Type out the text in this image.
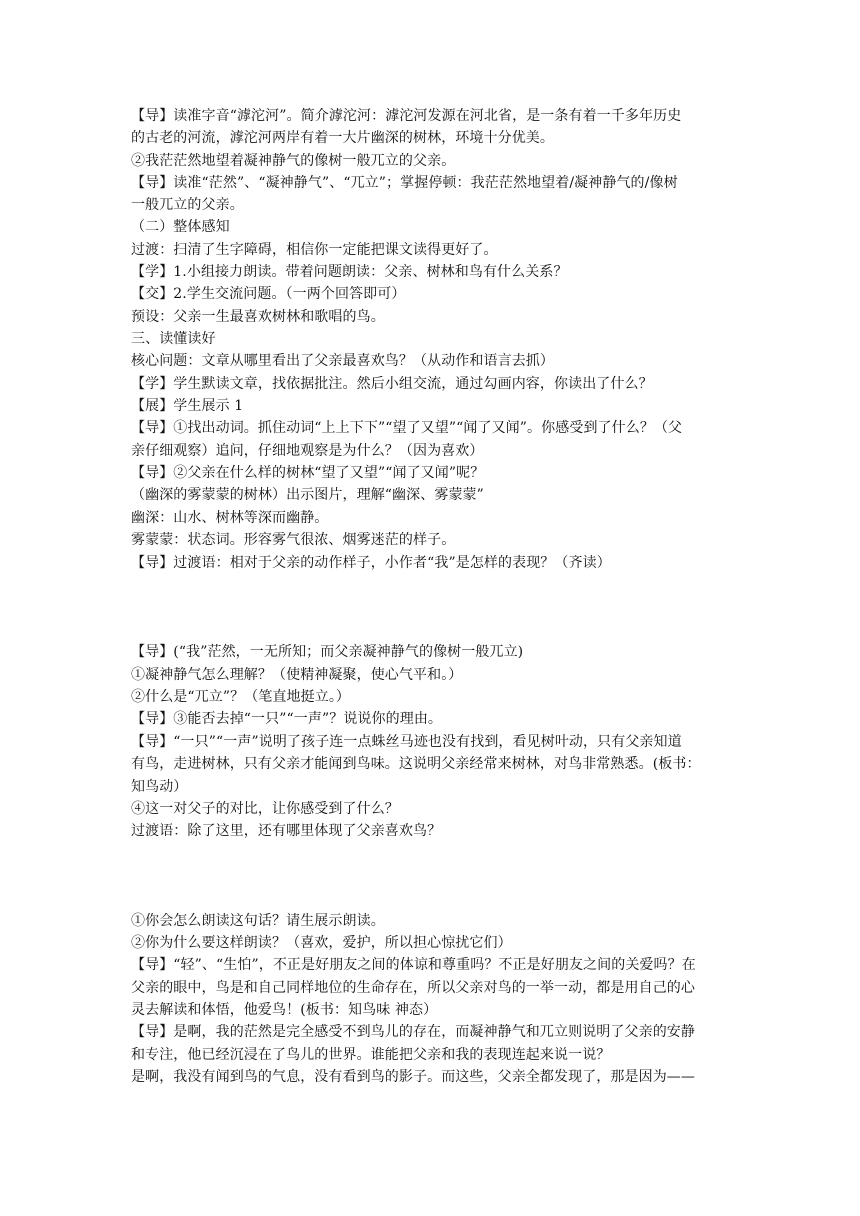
【导】读准字音“滹沱河”。简介滹沱河：滹沱河发源在河北省，是一条有着一千多年历史
的古老的河流，滹沱河两岸有着一大片幽深的树林，环境十分优美。
②我茫茫然地望着凝神静气的像树一般兀立的父亲。
【导】读准“茫然”、“凝神静气”、“兀立”；掌握停顿：我茫茫然地望着/凝神静气的/像树
一般兀立的父亲。
（二）整体感知
过渡：扫清了生字障碍，相信你一定能把课文读得更好了。
【学】1.小组接力朗读。带着问题朗读：父亲、树林和鸟有什么关系？
【交】2.学生交流问题。（一两个回答即可）
预设：父亲一生最喜欢树林和歌唱的鸟。
三、读懂读好
核心问题：文章从哪里看出了父亲最喜欢鸟？（从动作和语言去抓）
【学】学生默读文章，找依据批注。然后小组交流，通过勾画内容，你读出了什么？
【展】学生展示 1
【导】①找出动词。抓住动词“上上下下”“望了又望”“闻了又闻”。你感受到了什么？（父
亲仔细观察）追问，仔细地观察是为什么？（因为喜欢）
【导】②父亲在什么样的树林“望了又望”“闻了又闻”呢？
（幽深的雾蒙蒙的树林）出示图片，理解“幽深、雾蒙蒙”
幽深：山水、树林等深而幽静。
雾蒙蒙：状态词。形容雾气很浓、烟雾迷茫的样子。
【导】过渡语：相对于父亲的动作样子，小作者“我”是怎样的表现？（齐读）
【导】(“我”茫然，一无所知；而父亲凝神静气的像树一般兀立)
①凝神静气怎么理解？（使精神凝聚，使心气平和。）
②什么是“兀立”？（笔直地挺立。）
【导】③能否去掉“一只”“一声”？说说你的理由。
【导】“一只”“一声”说明了孩子连一点蛛丝马迹也没有找到，看见树叶动，只有父亲知道
有鸟，走进树林，只有父亲才能闻到鸟味。这说明父亲经常来树林，对鸟非常熟悉。(板书：
知鸟动）
④这一对父子的对比，让你感受到了什么？
过渡语：除了这里，还有哪里体现了父亲喜欢鸟？
①你会怎么朗读这句话？请生展示朗读。
②你为什么要这样朗读？（喜欢，爱护，所以担心惊扰它们）
【导】“轻”、“生怕”，不正是好朋友之间的体谅和尊重吗？不正是好朋友之间的关爱吗？在
父亲的眼中，鸟是和自己同样地位的生命存在，所以父亲对鸟的一举一动，都是用自己的心
灵去解读和体悟，他爱鸟！(板书：知鸟味 神态）
【导】是啊，我的茫然是完全感受不到鸟儿的存在，而凝神静气和兀立则说明了父亲的安静
和专注，他已经沉浸在了鸟儿的世界。谁能把父亲和我的表现连起来说一说？
是啊，我没有闻到鸟的气息，没有看到鸟的影子。而这些，父亲全都发现了，那是因为——
